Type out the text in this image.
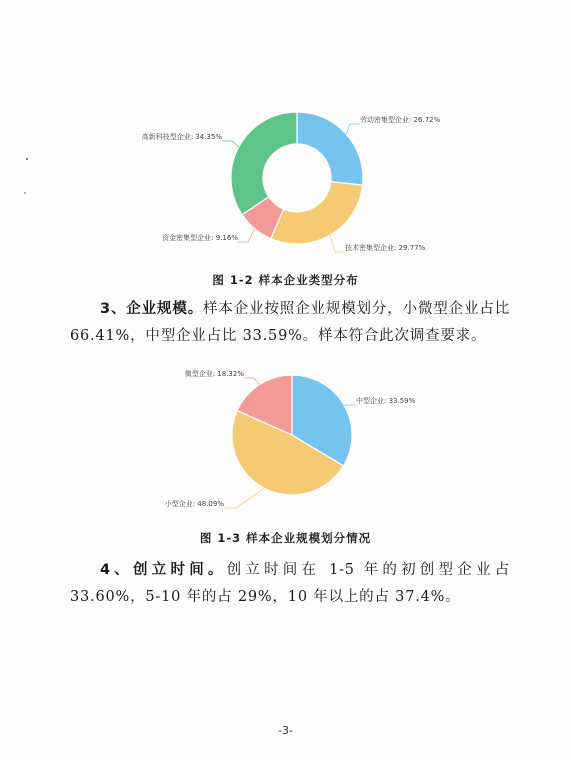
劳动密集型企业: 26.72%
技术密集型企业: 29.77%
资金密集型企业: 9.16%
高新科技型企业: 34.35%
图 1-2 样本企业类型分布
3、企业规模。样本企业按照企业规模划分，小微型企业占比 66.41%，中型企业占比 33.59%。样本符合此次调查要求。
中型企业: 33.59%
小型企业: 48.09%
微型企业: 18.32%
图 1-3 样本企业规模划分情况
4、创立时间。创立时间在 1-5 年的初创型企业占 33.60%，5-10 年的占 29%，10 年以上的占 37.4%。
-3-
